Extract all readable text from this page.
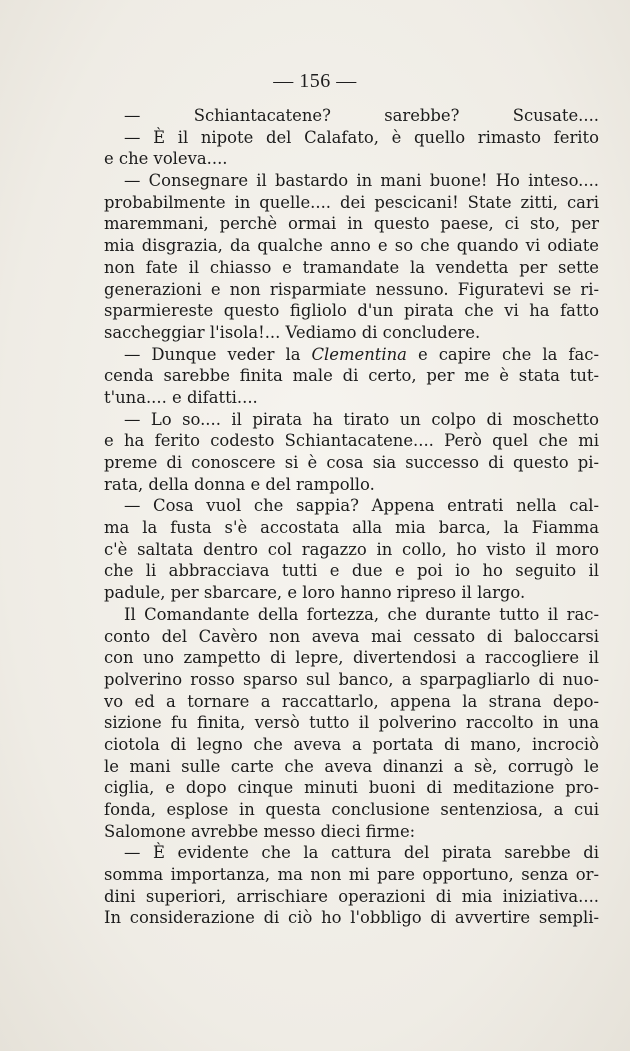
— 156 —
— Schiantacatene? sarebbe? Scusate....
— È il nipote del Calafato, è quello rimasto ferito
e che voleva....
— Consegnare il bastardo in mani buone! Ho inteso....
probabilmente in quelle.... dei pescicani! State zitti, cari
maremmani, perchè ormai in questo paese, ci sto, per
mia disgrazia, da qualche anno e so che quando vi odiate
non fate il chiasso e tramandate la vendetta per sette
generazioni e non risparmiate nessuno. Figuratevi se ri-
sparmiereste questo figliolo d'un pirata che vi ha fatto
saccheggiar l'isola!... Vediamo di concludere.
— Dunque veder la Clementina e capire che la fac-
cenda sarebbe finita male di certo, per me è stata tut-
t'una.... e difatti....
— Lo so.... il pirata ha tirato un colpo di moschetto
e ha ferito codesto Schiantacatene.... Però quel che mi
preme di conoscere si è cosa sia successo di questo pi-
rata, della donna e del rampollo.
— Cosa vuol che sappia? Appena entrati nella cal-
ma la fusta s'è accostata alla mia barca, la Fiamma
c'è saltata dentro col ragazzo in collo, ho visto il moro
che li abbracciava tutti e due e poi io ho seguito il
padule, per sbarcare, e loro hanno ripreso il largo.
Il Comandante della fortezza, che durante tutto il rac-
conto del Cavèro non aveva mai cessato di baloccarsi
con uno zampetto di lepre, divertendosi a raccogliere il
polverino rosso sparso sul banco, a sparpagliarlo di nuo-
vo ed a tornare a raccattarlo, appena la strana depo-
sizione fu finita, versò tutto il polverino raccolto in una
ciotola di legno che aveva a portata di mano, incrociò
le mani sulle carte che aveva dinanzi a sè, corrugò le
ciglia, e dopo cinque minuti buoni di meditazione pro-
fonda, esplose in questa conclusione sentenziosa, a cui
Salomone avrebbe messo dieci firme:
— È evidente che la cattura del pirata sarebbe di
somma importanza, ma non mi pare opportuno, senza or-
dini superiori, arrischiare operazioni di mia iniziativa....
In considerazione di ciò ho l'obbligo di avvertire sempli-
